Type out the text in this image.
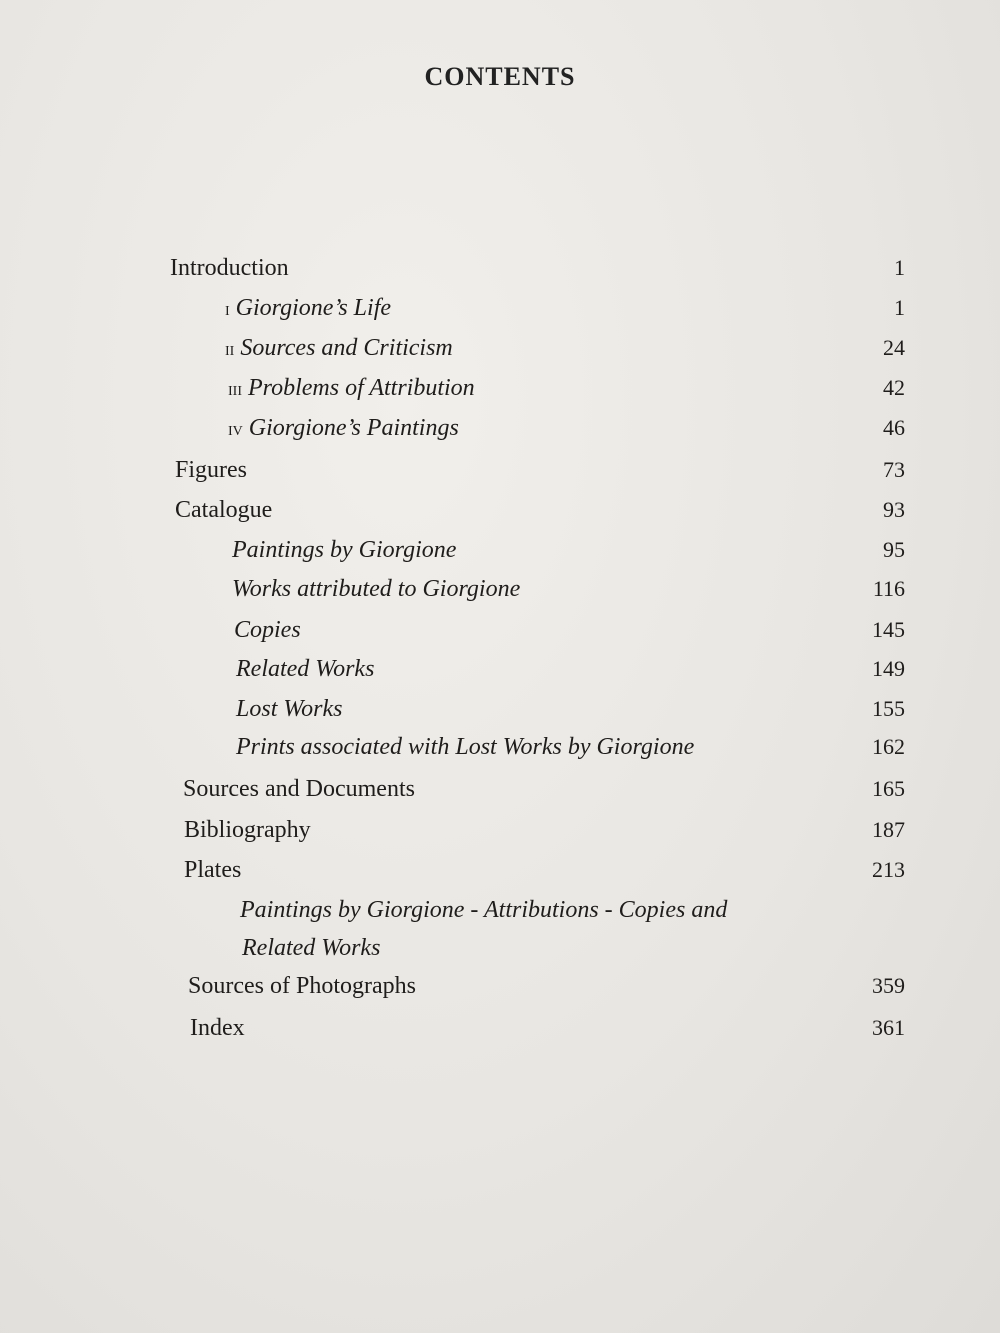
CONTENTS
Introduction	1
i Giorgione’s Life	1
ii Sources and Criticism	24
iii Problems of Attribution	42
iv Giorgione’s Paintings	46
Figures	73
Catalogue	93
Paintings by Giorgione	95
Works attributed to Giorgione	116
Copies	145
Related Works	149
Lost Works	155
Prints associated with Lost Works by Giorgione	162
Sources and Documents	165
Bibliography	187
Plates	213
Paintings by Giorgione - Attributions - Copies and
Related Works
Sources of Photographs	359
Index	361
